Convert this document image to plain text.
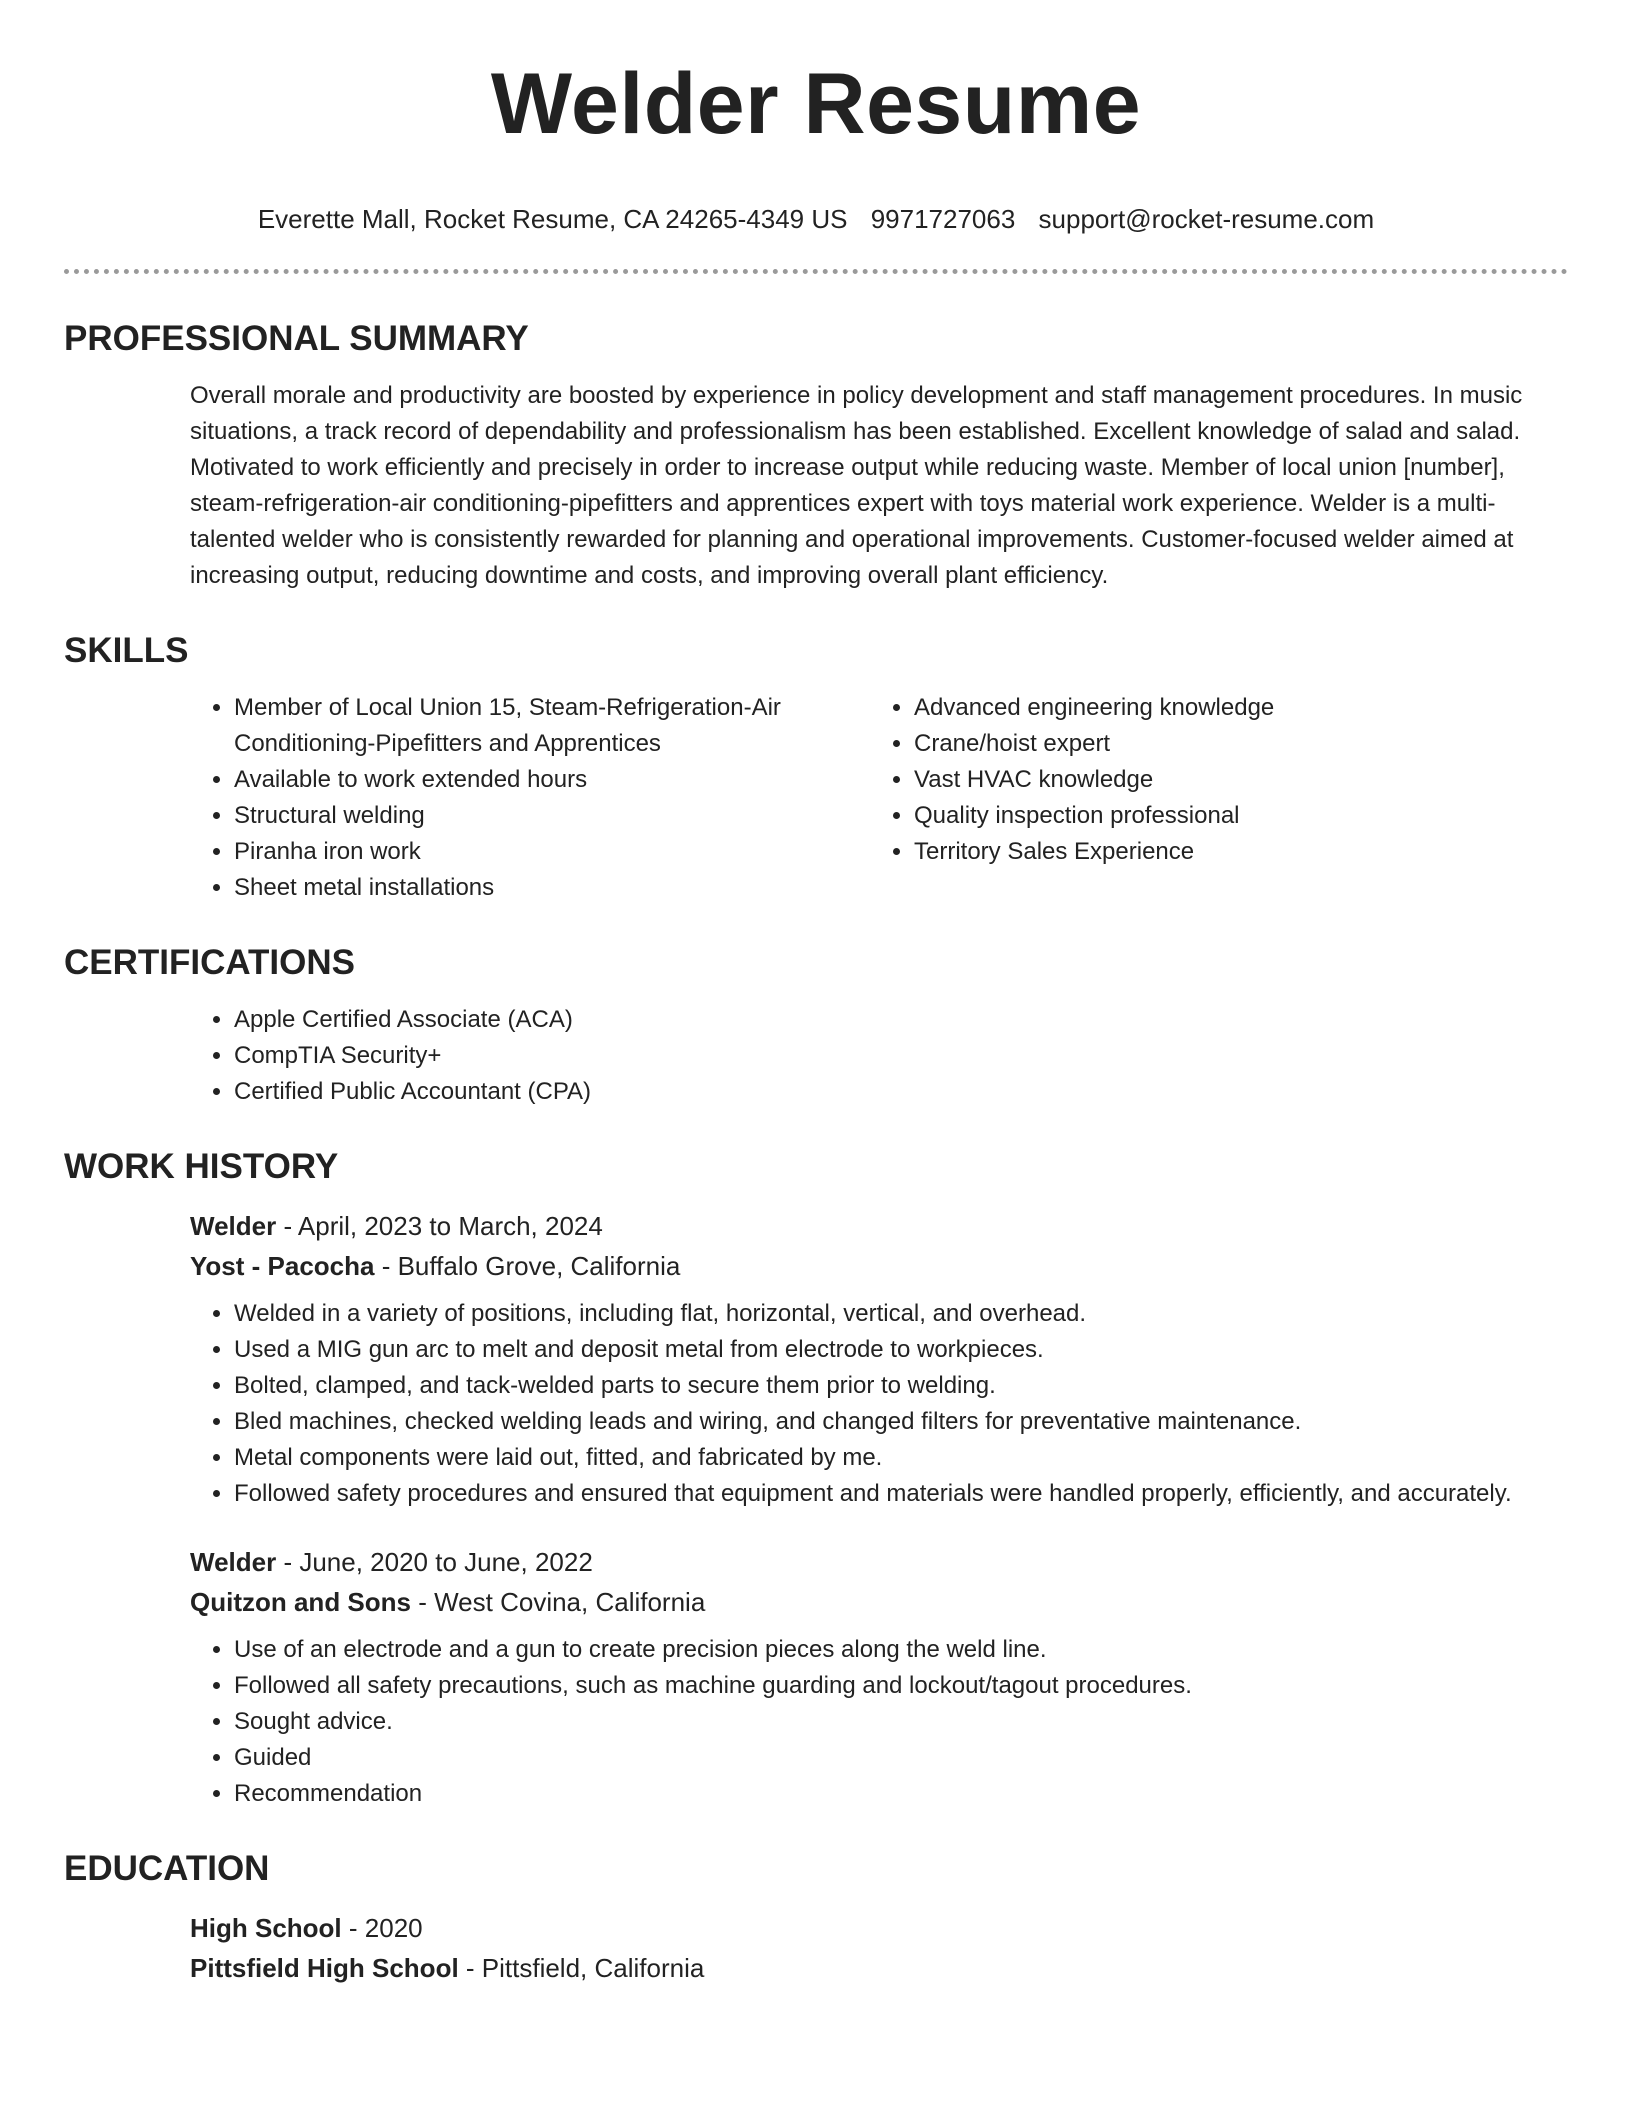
Welder Resume
Everette Mall, Rocket Resume, CA 24265-4349 US 9971727063 support@rocket-resume.com
PROFESSIONAL SUMMARY

Overall morale and productivity are boosted by experience in policy development and staff management procedures. In music situations, a track record of dependability and professionalism has been established. Excellent knowledge of salad and salad. Motivated to work efficiently and precisely in order to increase output while reducing waste. Member of local union [number], steam-refrigeration-air conditioning-pipefitters and apprentices expert with toys material work experience. Welder is a multi-talented welder who is consistently rewarded for planning and operational improvements. Customer-focused welder aimed at increasing output, reducing downtime and costs, and improving overall plant efficiency.

SKILLS
• Member of Local Union 15, Steam-Refrigeration-Air Conditioning-Pipefitters and Apprentices
• Available to work extended hours
• Structural welding
• Piranha iron work
• Sheet metal installations
• Advanced engineering knowledge
• Crane/hoist expert
• Vast HVAC knowledge
• Quality inspection professional
• Territory Sales Experience
CERTIFICATIONS
• Apple Certified Associate (ACA)
• CompTIA Security+
• Certified Public Accountant (CPA)
WORK HISTORY
Welder - April, 2023 to March, 2024
Yost - Pacocha - Buffalo Grove, California
• Welded in a variety of positions, including flat, horizontal, vertical, and overhead.
• Used a MIG gun arc to melt and deposit metal from electrode to workpieces.
• Bolted, clamped, and tack-welded parts to secure them prior to welding.
• Bled machines, checked welding leads and wiring, and changed filters for preventative maintenance.
• Metal components were laid out, fitted, and fabricated by me.
• Followed safety procedures and ensured that equipment and materials were handled properly, efficiently, and accurately.
Welder - June, 2020 to June, 2022
Quitzon and Sons - West Covina, California
• Use of an electrode and a gun to create precision pieces along the weld line.
• Followed all safety precautions, such as machine guarding and lockout/tagout procedures.
• Sought advice.
• Guided
• Recommendation
EDUCATION
High School - 2020
Pittsfield High School - Pittsfield, California
